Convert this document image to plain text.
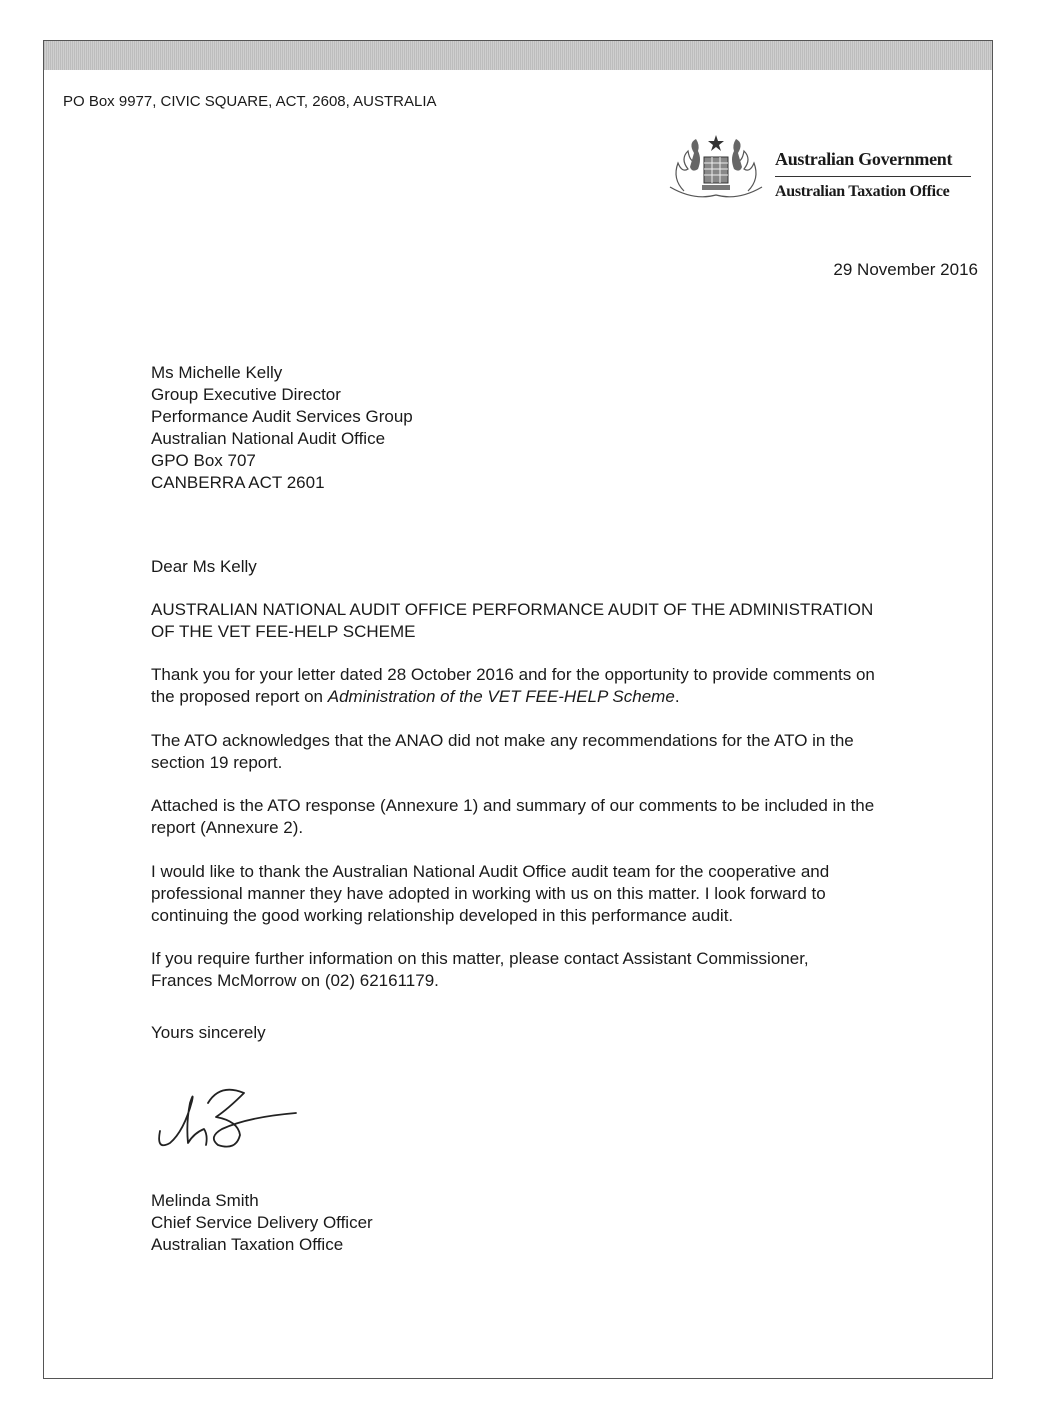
PO Box 9977, CIVIC SQUARE, ACT, 2608, AUSTRALIA
Australian Government
Australian Taxation Office
29 November 2016
Ms Michelle Kelly
Group Executive Director
Performance Audit Services Group
Australian National Audit Office
GPO Box 707
CANBERRA ACT 2601
Dear Ms Kelly
AUSTRALIAN NATIONAL AUDIT OFFICE PERFORMANCE AUDIT OF THE ADMINISTRATION
OF THE VET FEE-HELP SCHEME
Thank you for your letter dated 28 October 2016 and for the opportunity to provide comments on
the proposed report on Administration of the VET FEE-HELP Scheme.
The ATO acknowledges that the ANAO did not make any recommendations for the ATO in the
section 19 report.
Attached is the ATO response (Annexure 1) and summary of our comments to be included in the
report (Annexure 2).
I would like to thank the Australian National Audit Office audit team for the cooperative and
professional manner they have adopted in working with us on this matter. I look forward to
continuing the good working relationship developed in this performance audit.
If you require further information on this matter, please contact Assistant Commissioner,
Frances McMorrow on (02) 62161179.
Yours sincerely
Melinda Smith
Chief Service Delivery Officer
Australian Taxation Office
